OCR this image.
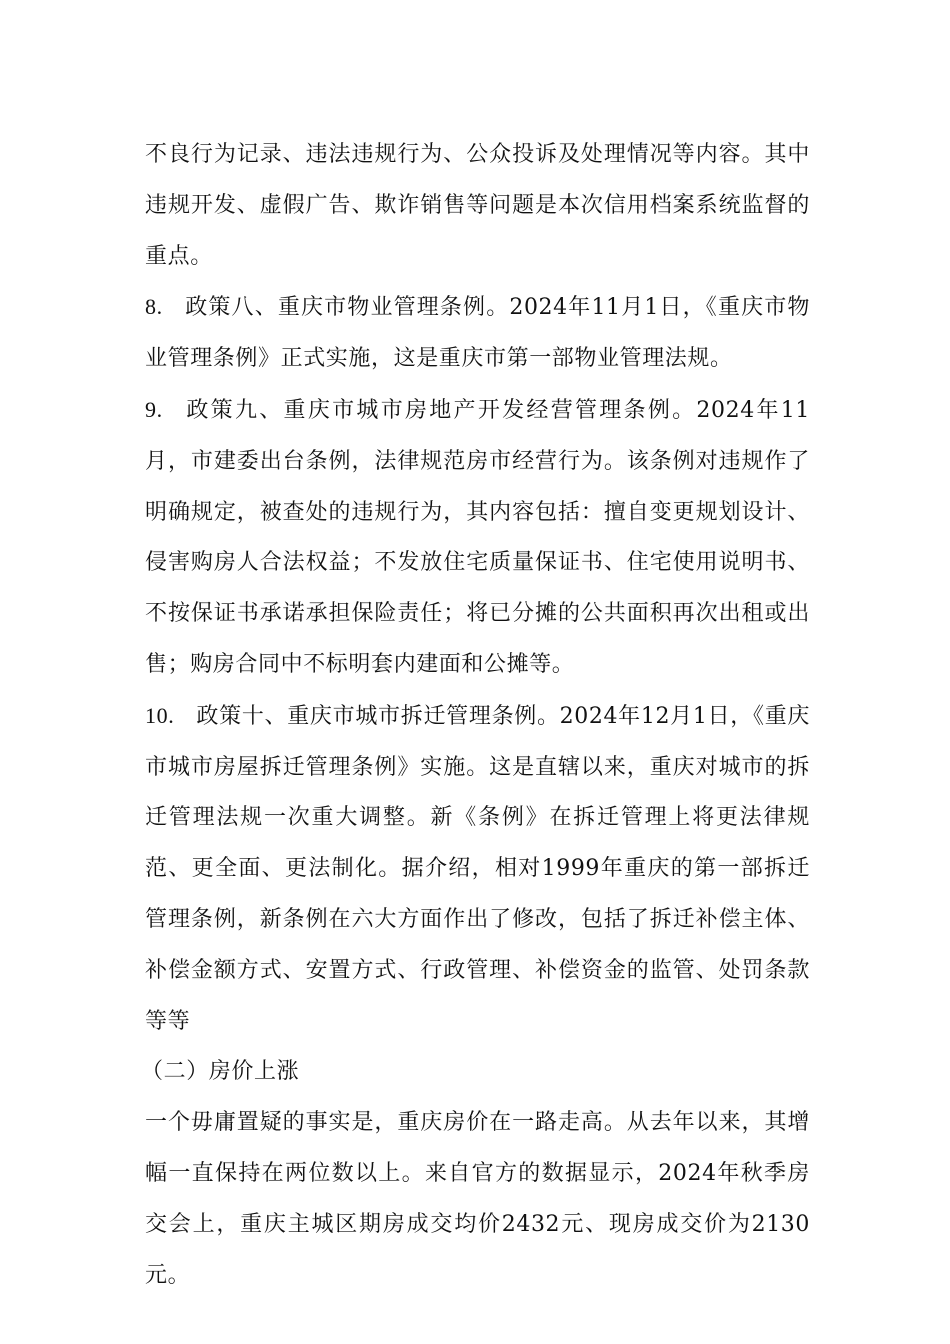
不良行为记录、违法违规行为、公众投诉及处理情况等内容。其中违规开发、虚假广告、欺诈销售等问题是本次信用档案系统监督的重点。

8. 政策八、重庆市物业管理条例。2024年11月1日，《重庆市物业管理条例》正式实施，这是重庆市第一部物业管理法规。

9. 政策九、重庆市城市房地产开发经营管理条例。2024年11月，市建委出台条例，法律规范房市经营行为。该条例对违规作了明确规定，被查处的违规行为，其内容包括：擅自变更规划设计、侵害购房人合法权益；不发放住宅质量保证书、住宅使用说明书、不按保证书承诺承担保险责任；将已分摊的公共面积再次出租或出售；购房合同中不标明套内建面和公摊等。

10. 政策十、重庆市城市拆迁管理条例。2024年12月1日，《重庆市城市房屋拆迁管理条例》实施。这是直辖以来，重庆对城市的拆迁管理法规一次重大调整。新《条例》在拆迁管理上将更法律规范、更全面、更法制化。据介绍，相对1999年重庆的第一部拆迁管理条例，新条例在六大方面作出了修改，包括了拆迁补偿主体、补偿金额方式、安置方式、行政管理、补偿资金的监管、处罚条款等等

（二）房价上涨

一个毋庸置疑的事实是，重庆房价在一路走高。从去年以来，其增幅一直保持在两位数以上。来自官方的数据显示，2024年秋季房交会上，重庆主城区期房成交均价2432元、现房成交价为2130元。
